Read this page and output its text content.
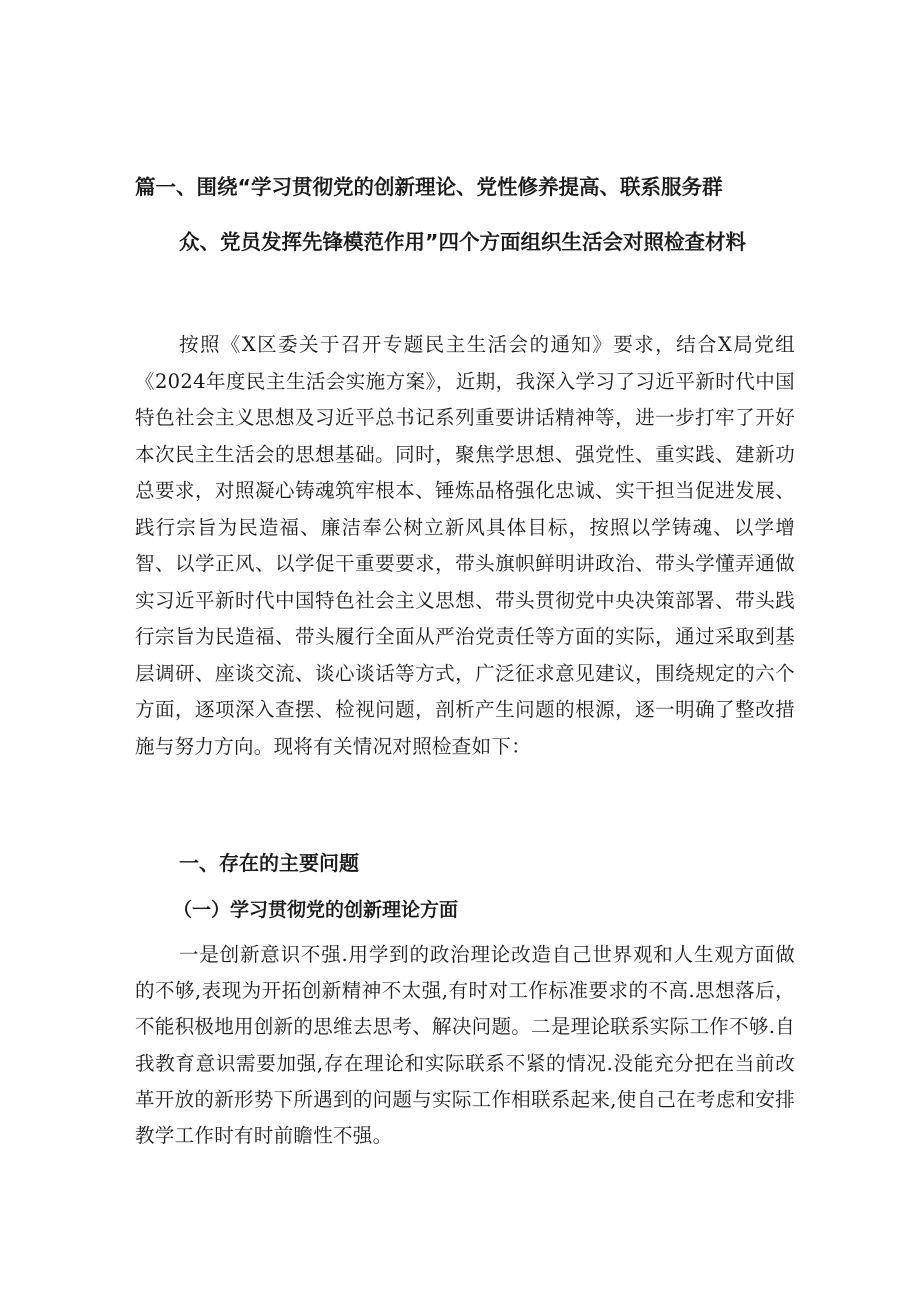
篇一、围绕“学习贯彻党的创新理论、党性修养提高、联系服务群
众、党员发挥先锋模范作用”四个方面组织生活会对照检查材料

按照《X区委关于召开专题民主生活会的通知》要求，结合X局党组《2024年度民主生活会实施方案》，近期，我深入学习了习近平新时代中国特色社会主义思想及习近平总书记系列重要讲话精神等，进一步打牢了开好本次民主生活会的思想基础。同时，聚焦学思想、强党性、重实践、建新功总要求，对照凝心铸魂筑牢根本、锤炼品格强化忠诚、实干担当促进发展、践行宗旨为民造福、廉洁奉公树立新风具体目标，按照以学铸魂、以学增智、以学正风、以学促干重要要求，带头旗帜鲜明讲政治、带头学懂弄通做实习近平新时代中国特色社会主义思想、带头贯彻党中央决策部署、带头践行宗旨为民造福、带头履行全面从严治党责任等方面的实际，通过采取到基层调研、座谈交流、谈心谈话等方式，广泛征求意见建议，围绕规定的六个方面，逐项深入查摆、检视问题，剖析产生问题的根源，逐一明确了整改措施与努力方向。现将有关情况对照检查如下：

一、存在的主要问题
（一）学习贯彻党的创新理论方面

一是创新意识不强.用学到的政治理论改造自己世界观和人生观方面做的不够,表现为开拓创新精神不太强,有时对工作标准要求的不高.思想落后，不能积极地用创新的思维去思考、解决问题。二是理论联系实际工作不够.自我教育意识需要加强,存在理论和实际联系不紧的情况.没能充分把在当前改革开放的新形势下所遇到的问题与实际工作相联系起来,使自己在考虑和安排教学工作时有时前瞻性不强。
